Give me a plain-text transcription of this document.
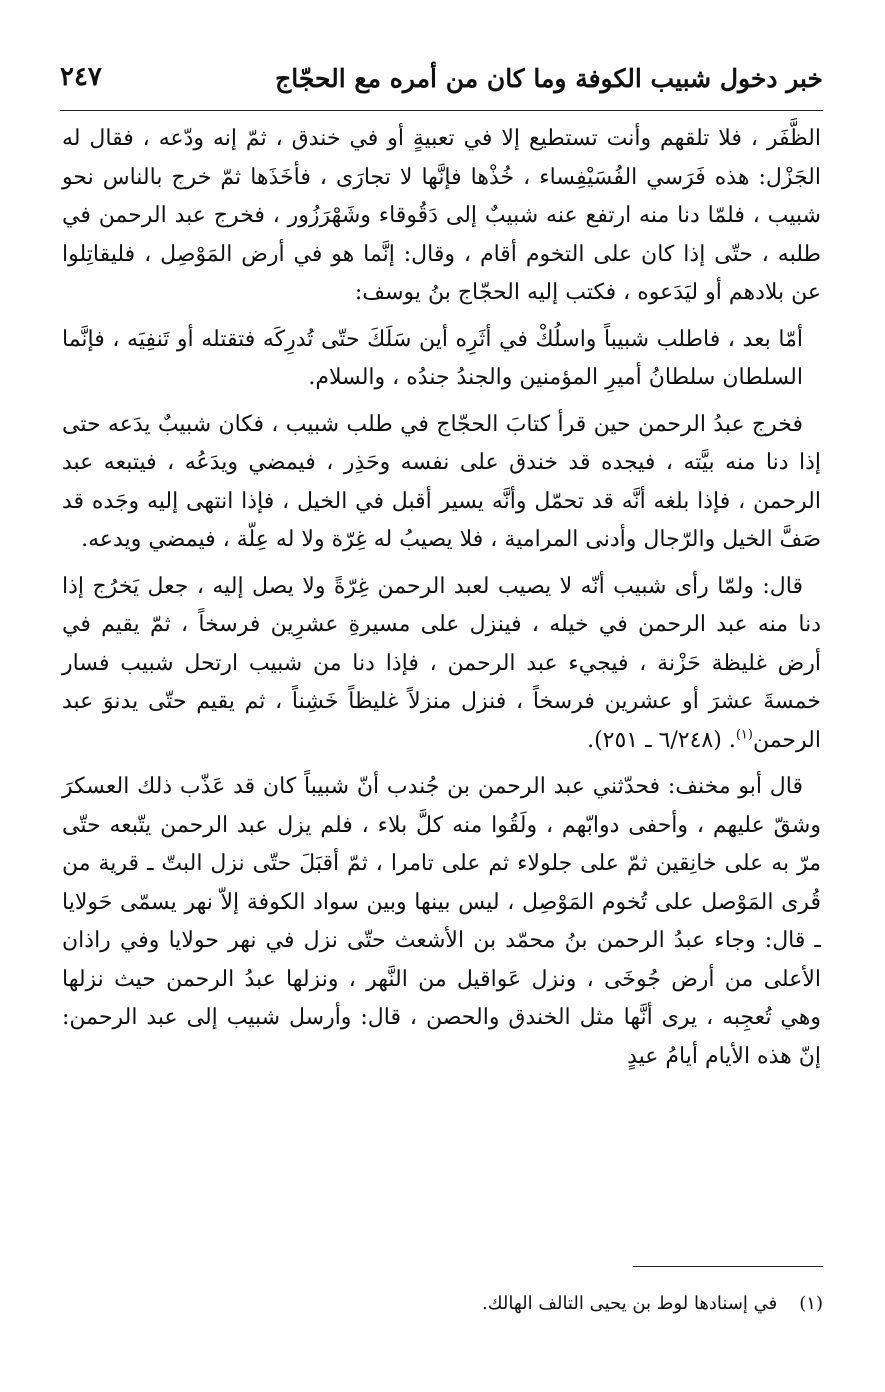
خبر دخول شبيب الكوفة وما كان من أمره مع الحجّاج
٢٤٧

الظَّفَر ، فلا تلقهم وأنت تستطيع إلا في تعبيةٍ أو في خندق ، ثمّ إنه ودّعه ، فقال له الجَزْل: هذه فَرَسي الفُسَيْفِساء ، خُذْها فإنَّها لا تجارَى ، فأخَذَها ثمّ خرج بالناس نحو شبيب ، فلمّا دنا منه ارتفع عنه شبيبٌ إلى دَقُوقاء وشَهْرَزُور ، فخرج عبد الرحمن في طلبه ، حتّى إذا كان على التخوم أقام ، وقال: إنَّما هو في أرض المَوْصِل ، فليقاتِلوا عن بلادهم أو ليَدَعوه ، فكتب إليه الحجّاج بنُ يوسف:

أمّا بعد ، فاطلب شبيباً واسلُكْ في أثَرِه أين سَلَكَ حتّى تُدرِكَه فتقتله أو تَنفِيَه ، فإنَّما السلطان سلطانُ أميرِ المؤمنين والجندُ جندُه ، والسلام.

فخرج عبدُ الرحمن حين قرأ كتابَ الحجّاج في طلب شبيب ، فكان شبيبٌ يدَعه حتى إذا دنا منه بيَّته ، فيجده قد خندق على نفسه وحَذِر ، فيمضي ويدَعُه ، فيتبعه عبد الرحمن ، فإذا بلغه أنَّه قد تحمّل وأنَّه يسير أقبل في الخيل ، فإذا انتهى إليه وجَده قد صَفَّ الخيل والرّجال وأدنى المرامية ، فلا يصيبُ له غِرّة ولا له عِلّة ، فيمضي ويدعه.

قال: ولمّا رأى شبيب أنّه لا يصيب لعبد الرحمن غِرّةً ولا يصل إليه ، جعل يَخرُج إذا دنا منه عبد الرحمن في خيله ، فينزل على مسيرةِ عشرِين فرسخاً ، ثمّ يقيم في أرض غليظة حَزْنة ، فيجيء عبد الرحمن ، فإذا دنا من شبيب ارتحل شبيب فسار خمسةَ عشرَ أو عشرين فرسخاً ، فنزل منزلاً غليظاً خَشِناً ، ثم يقيم حتّى يدنوَ عبد الرحمن$^{(١)}$. (٦/٢٤٨ ـ ٢٥١).

قال أبو مخنف: فحدّثني عبد الرحمن بن جُندب أنّ شبيباً كان قد عَذّب ذلك العسكرَ وشقّ عليهم ، وأحفى دوابّهم ، ولَقُوا منه كلَّ بلاء ، فلم يزل عبد الرحمن يتّبعه حتّى مرّ به على خانِقين ثمّ على جلولاء ثم على تامرا ، ثمّ أقبَلَ حتّى نزل البتّ ـ قرية من قُرى المَوْصل على تُخوم المَوْصِل ، ليس بينها وبين سواد الكوفة إلاّ نهر يسمّى حَولايا ـ قال: وجاء عبدُ الرحمن بنُ محمّد بن الأشعث حتّى نزل في نهر حولايا وفي راذان الأعلى من أرض جُوخَى ، ونزل عَواقيل من النَّهر ، ونزلها عبدُ الرحمن حيث نزلها وهي تُعجِبه ، يرى أنَّها مثل الخندق والحصن ، قال: وأرسل شبيب إلى عبد الرحمن: إنّ هذه الأيام أيامُ عيدٍ

(١)في إسنادها لوط بن يحيى التالف الهالك.
